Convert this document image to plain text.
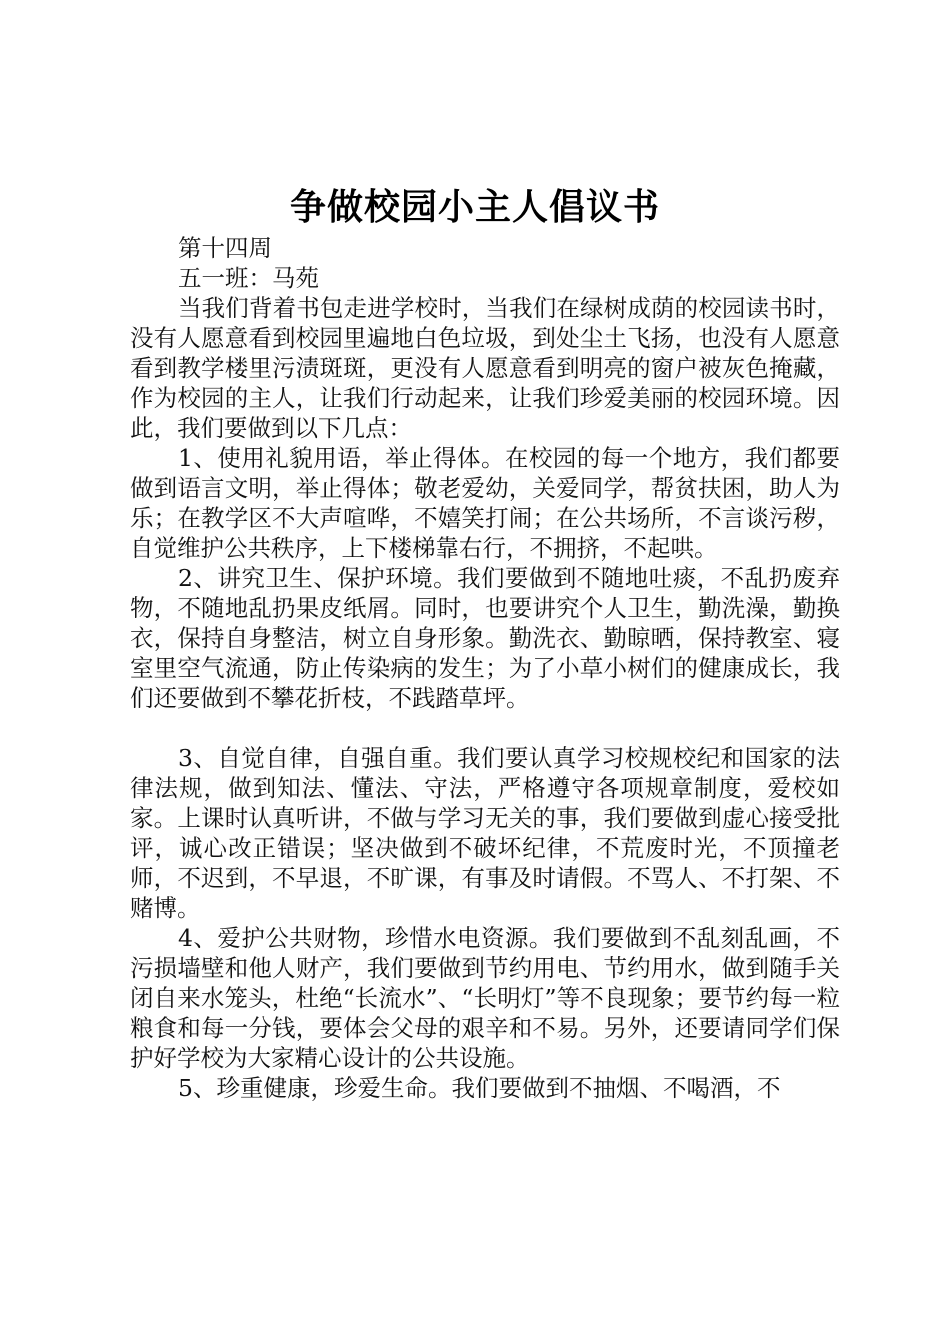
争做校园小主人倡议书

第十四周

五一班：马苑

当我们背着书包走进学校时，当我们在绿树成荫的校园读书时，没有人愿意看到校园里遍地白色垃圾，到处尘土飞扬，也没有人愿意看到教学楼里污渍斑斑，更没有人愿意看到明亮的窗户被灰色掩藏，作为校园的主人，让我们行动起来，让我们珍爱美丽的校园环境。因此，我们要做到以下几点：

1、使用礼貌用语，举止得体。在校园的每一个地方，我们都要做到语言文明，举止得体；敬老爱幼，关爱同学，帮贫扶困，助人为乐；在教学区不大声喧哗，不嬉笑打闹；在公共场所，不言谈污秽，自觉维护公共秩序，上下楼梯靠右行，不拥挤，不起哄。

2、讲究卫生、保护环境。我们要做到不随地吐痰，不乱扔废弃物，不随地乱扔果皮纸屑。同时，也要讲究个人卫生，勤洗澡，勤换衣，保持自身整洁，树立自身形象。勤洗衣、勤晾晒，保持教室、寝室里空气流通，防止传染病的发生；为了小草小树们的健康成长，我们还要做到不攀花折枝，不践踏草坪。

3、自觉自律，自强自重。我们要认真学习校规校纪和国家的法律法规，做到知法、懂法、守法，严格遵守各项规章制度，爱校如家。上课时认真听讲，不做与学习无关的事，我们要做到虚心接受批评，诚心改正错误；坚决做到不破坏纪律，不荒废时光，不顶撞老师，不迟到，不早退，不旷课，有事及时请假。不骂人、不打架、不赌博。

4、爱护公共财物，珍惜水电资源。我们要做到不乱刻乱画，不污损墙壁和他人财产，我们要做到节约用电、节约用水，做到随手关闭自来水笼头，杜绝“长流水”、“长明灯”等不良现象；要节约每一粒粮食和每一分钱，要体会父母的艰辛和不易。另外，还要请同学们保护好学校为大家精心设计的公共设施。

5、珍重健康，珍爱生命。我们要做到不抽烟、不喝酒，不
